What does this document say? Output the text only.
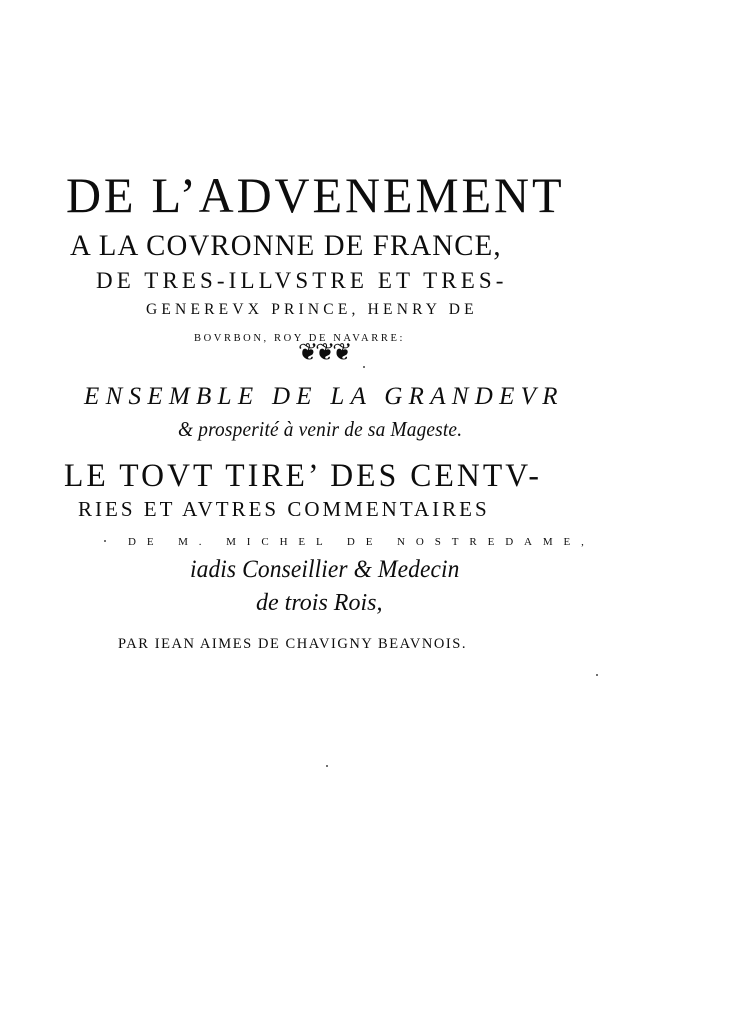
DE L’ADVENEMENT
A LA COVRONNE DE FRANCE,
DE TRES-ILLVSTRE ET TRES-
GENEREVX PRINCE, HENRY DE
BOVRBON, ROY DE NAVARRE:
❦❦❦
ENSEMBLE DE LA GRANDEVR
& prosperité à venir de sa Mageste.
LE TOVT TIRE’ DES CENTV-
RIES ET AVTRES COMMENTAIRES
DE M. MICHEL DE NOSTREDAME,
iadis Conseillier & Medecin
de trois Rois,
PAR IEAN AIMES DE CHAVIGNY BEAVNOIS.
